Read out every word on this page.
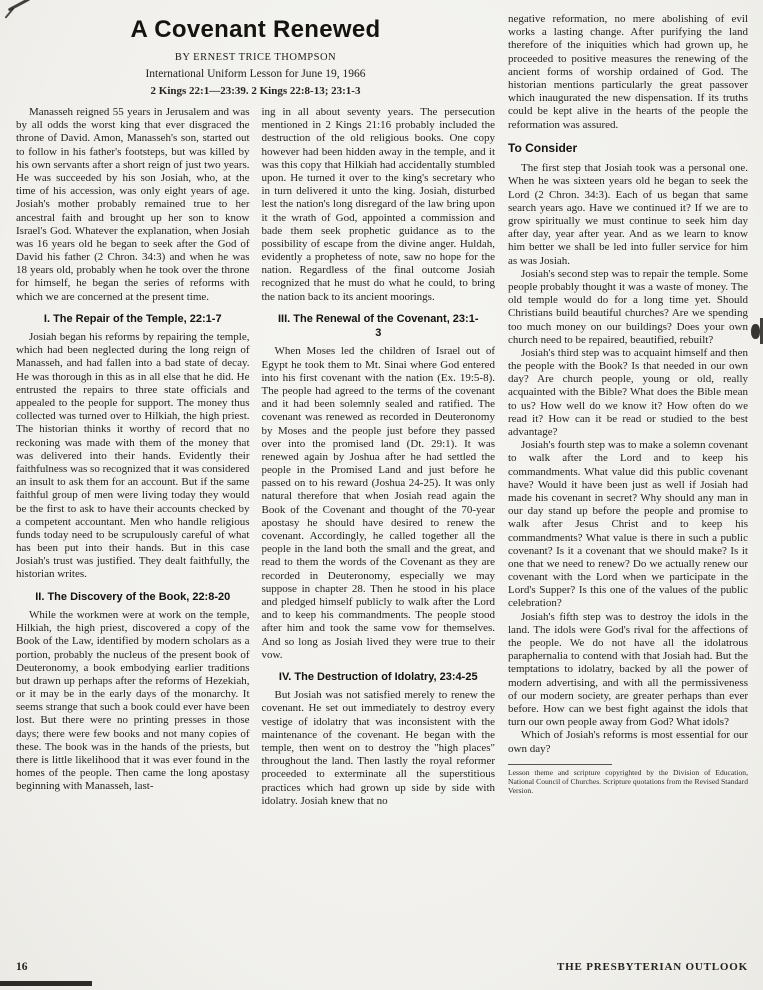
A Covenant Renewed
BY ERNEST TRICE THOMPSON
International Uniform Lesson for June 19, 1966
2 Kings 22:1—23:39. 2 Kings 22:8-13; 23:1-3

Manasseh reigned 55 years in Jerusalem and was by all odds the worst king that ever disgraced the throne of David. Amon, Manasseh's son, started out to follow in his father's footsteps, but was killed by his own servants after a short reign of just two years. He was succeeded by his son Josiah, who, at the time of his accession, was only eight years of age. Josiah's mother probably remained true to her ancestral faith and brought up her son to know Israel's God. Whatever the explanation, when Josiah was 16 years old he began to seek after the God of David his father (2 Chron. 34:3) and when he was 18 years old, probably when he took over the throne for himself, he began the series of reforms with which we are concerned at the present time.

I. The Repair of the Temple, 22:1-7

Josiah began his reforms by repairing the temple, which had been neglected during the long reign of Manasseh, and had fallen into a bad state of decay. He was thorough in this as in all else that he did. He entrusted the repairs to three state officials and appealed to the people for support. The money thus collected was turned over to Hilkiah, the high priest. The historian thinks it worthy of record that no reckoning was made with them of the money that was delivered into their hands. Evidently their faithfulness was so recognized that it was considered an insult to ask them for an account. But if the same faithful group of men were living today they would be the first to ask to have their accounts checked by a competent accountant. Men who handle religious funds today need to be scrupulously careful of what has been put into their hands. But in this case Josiah's trust was justified. They dealt faithfully, the historian writes.

II. The Discovery of the Book, 22:8-20

While the workmen were at work on the temple, Hilkiah, the high priest, discovered a copy of the Book of the Law, identified by modern scholars as a portion, probably the nucleus of the present book of Deuteronomy, a book embodying earlier traditions but drawn up perhaps after the reforms of Hezekiah, or it may be in the early days of the monarchy. It seems strange that such a book could ever have been lost. But there were no printing presses in those days; there were few books and not many copies of these. The book was in the hands of the priests, but there is little likelihood that it was ever found in the homes of the people. Then came the long apostasy beginning with Manasseh, last-

ing in all about seventy years. The persecution mentioned in 2 Kings 21:16 probably included the destruction of the old religious books. One copy however had been hidden away in the temple, and it was this copy that Hilkiah had accidentally stumbled upon. He turned it over to the king's secretary who in turn delivered it unto the king. Josiah, disturbed lest the nation's long disregard of the law bring upon it the wrath of God, appointed a commission and bade them seek prophetic guidance as to the possibility of escape from the divine anger. Huldah, evidently a prophetess of note, saw no hope for the nation. Regardless of the final outcome Josiah recognized that he must do what he could, to bring the nation back to its ancient moorings.

III. The Renewal of the Covenant, 23:1-3

When Moses led the children of Israel out of Egypt he took them to Mt. Sinai where God entered into his first covenant with the nation (Ex. 19:5-8). The people had agreed to the terms of the covenant and it had been solemnly sealed and ratified. The covenant was renewed as recorded in Deuteronomy by Moses and the people just before they passed over into the promised land (Dt. 29:1). It was renewed again by Joshua after he had settled the people in the Promised Land and just before he passed on to his reward (Joshua 24-25). It was only natural therefore that when Josiah read again the Book of the Covenant and thought of the 70-year apostasy he should have desired to renew the covenant. Accordingly, he called together all the people in the land both the small and the great, and read to them the words of the Covenant as they are recorded in Deuteronomy, especially we may suppose in chapter 28. Then he stood in his place and pledged himself publicly to walk after the Lord and to keep his commandments. The people stood after him and took the same vow for themselves. And so long as Josiah lived they were true to their vow.

IV. The Destruction of Idolatry, 23:4-25

But Josiah was not satisfied merely to renew the covenant. He set out immediately to destroy every vestige of idolatry that was inconsistent with the maintenance of the covenant. He began with the temple, then went on to destroy the "high places" throughout the land. Then lastly the royal reformer proceeded to exterminate all the superstitious practices which had grown up side by side with idolatry. Josiah knew that no

negative reformation, no mere abolishing of evil works a lasting change. After purifying the land therefore of the iniquities which had grown up, he proceeded to positive measures the renewing of the ancient forms of worship ordained of God. The historian mentions particularly the great passover which inaugurated the new dispensation. If its truths could be kept alive in the hearts of the people the reformation was assured.

To Consider

The first step that Josiah took was a personal one. When he was sixteen years old he began to seek the Lord (2 Chron. 34:3). Each of us began that same search years ago. Have we continued it? If we are to grow spiritually we must continue to seek him day after day, year after year. And as we learn to know him better we shall be led into fuller service for him as was Josiah.

Josiah's second step was to repair the temple. Some people probably thought it was a waste of money. The old temple would do for a long time yet. Should Christians build beautiful churches? Are we spending too much money on our buildings? Does your own church need to be repaired, beautified, rebuilt?

Josiah's third step was to acquaint himself and then the people with the Book? Is that needed in our own day? Are church people, young or old, really acquainted with the Bible? What does the Bible mean to us? How well do we know it? How often do we read it? How can it be read or studied to the best advantage?

Josiah's fourth step was to make a solemn covenant to walk after the Lord and to keep his commandments. What value did this public covenant have? Would it have been just as well if Josiah had made his covenant in secret? Why should any man in our day stand up before the people and promise to walk after Jesus Christ and to keep his commandments? What value is there in such a public covenant? Is it a covenant that we should make? Is it one that we need to renew? Do we actually renew our covenant with the Lord when we participate in the Lord's Supper? Is this one of the values of the public celebration?

Josiah's fifth step was to destroy the idols in the land. The idols were God's rival for the affections of the people. We do not have all the idolatrous paraphernalia to contend with that Josiah had. But the temptations to idolatry, backed by all the power of modern advertising, and with all the permissiveness of our modern society, are greater perhaps than ever before. How can we best fight against the idols that turn our own people away from God? What idols?

Which of Josiah's reforms is most essential for our own day?

Lesson theme and scripture copyrighted by the Division of Education, National Council of Churches. Scripture quotations from the Revised Standard Version.

16	THE PRESBYTERIAN OUTLOOK
